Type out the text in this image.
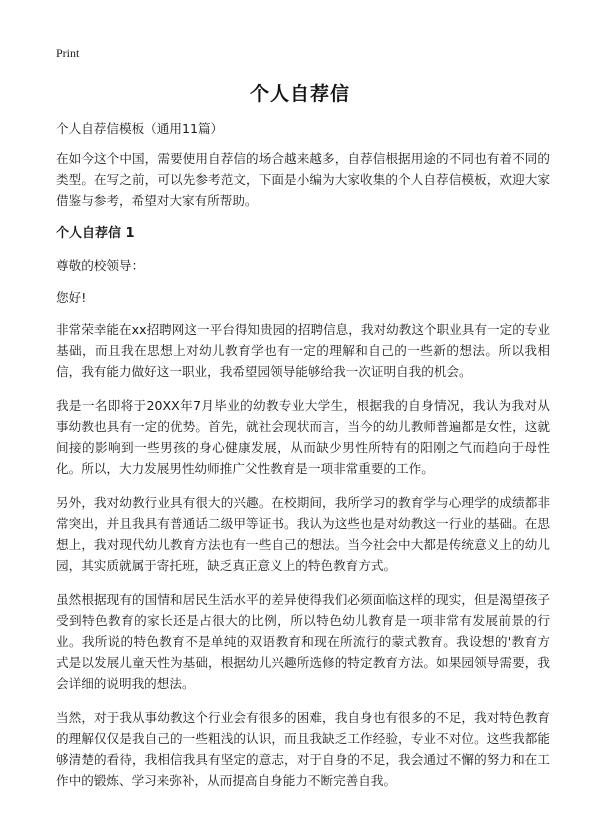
Print
个人自荐信

个人自荐信模板（通用11篇）

在如今这个中国，需要使用自荐信的场合越来越多，自荐信根据用途的不同也有着不同的类型。在写之前，可以先参考范文，下面是小编为大家收集的个人自荐信模板，欢迎大家借鉴与参考，希望对大家有所帮助。

个人自荐信 1

尊敬的校领导：

您好!

非常荣幸能在xx招聘网这一平台得知贵园的招聘信息，我对幼教这个职业具有一定的专业基础，而且我在思想上对幼儿教育学也有一定的理解和自己的一些新的想法。所以我相信，我有能力做好这一职业，我希望园领导能够给我一次证明自我的机会。

我是一名即将于20XX年7月毕业的幼教专业大学生，根据我的自身情况，我认为我对从事幼教也具有一定的优势。首先，就社会现状而言，当今的幼儿教师普遍都是女性，这就间接的影响到一些男孩的身心健康发展，从而缺少男性所特有的阳刚之气而趋向于母性化。所以，大力发展男性幼师推广父性教育是一项非常重要的工作。

另外，我对幼教行业具有很大的兴趣。在校期间，我所学习的教育学与心理学的成绩都非常突出，并且我具有普通话二级甲等证书。我认为这些也是对幼教这一行业的基础。在思想上，我对现代幼儿教育方法也有一些自己的想法。当今社会中大都是传统意义上的幼儿园，其实质就属于寄托班，缺乏真正意义上的特色教育方式。

虽然根据现有的国情和居民生活水平的差异使得我们必须面临这样的现实，但是渴望孩子受到特色教育的家长还是占很大的比例，所以特色幼儿教育是一项非常有发展前景的行业。我所说的特色教育不是单纯的双语教育和现在所流行的蒙式教育。我设想的'教育方式是以发展儿童天性为基础，根据幼儿兴趣所选修的特定教育方法。如果园领导需要，我会详细的说明我的想法。

当然，对于我从事幼教这个行业会有很多的困难，我自身也有很多的不足，我对特色教育的理解仅仅是我自己的一些粗浅的认识，而且我缺乏工作经验，专业不对位。这些我都能够清楚的看待，我相信我具有坚定的意志，对于自身的不足，我会通过不懈的努力和在工作中的锻炼、学习来弥补，从而提高自身能力不断完善自我。
